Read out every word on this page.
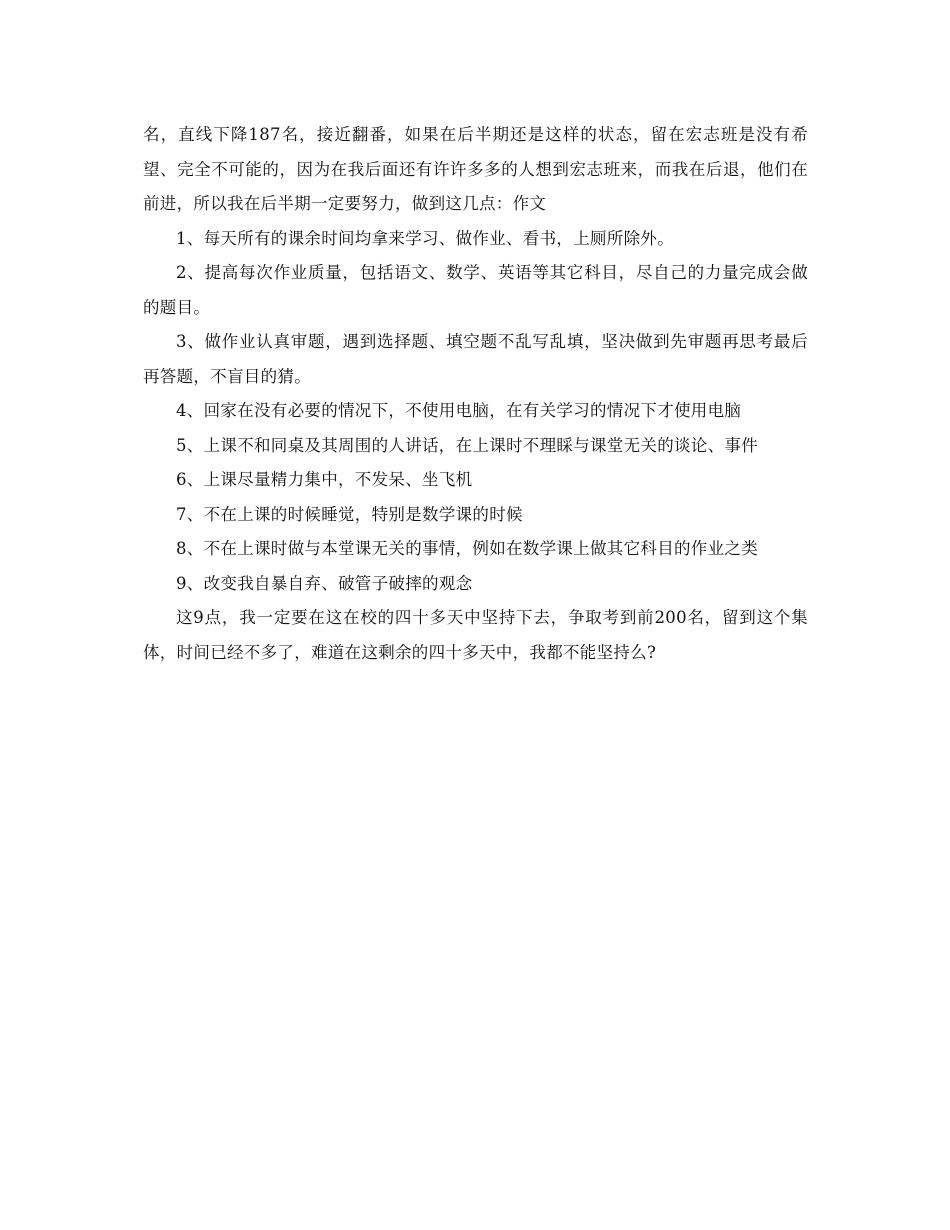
名，直线下降187名，接近翻番，如果在后半期还是这样的状态，留在宏志班是没有希望、完全不可能的，因为在我后面还有许许多多的人想到宏志班来，而我在后退，他们在前进，所以我在后半期一定要努力，做到这几点：作文

1、每天所有的课余时间均拿来学习、做作业、看书，上厕所除外。

2、提高每次作业质量，包括语文、数学、英语等其它科目，尽自己的力量完成会做的题目。

3、做作业认真审题，遇到选择题、填空题不乱写乱填，坚决做到先审题再思考最后再答题，不盲目的猜。

4、回家在没有必要的情况下，不使用电脑，在有关学习的情况下才使用电脑

5、上课不和同桌及其周围的人讲话，在上课时不理睬与课堂无关的谈论、事件

6、上课尽量精力集中，不发呆、坐飞机

7、不在上课的时候睡觉，特别是数学课的时候

8、不在上课时做与本堂课无关的事情，例如在数学课上做其它科目的作业之类

9、改变我自暴自弃、破管子破摔的观念

这9点，我一定要在这在校的四十多天中坚持下去，争取考到前200名，留到这个集体，时间已经不多了，难道在这剩余的四十多天中，我都不能坚持么?
